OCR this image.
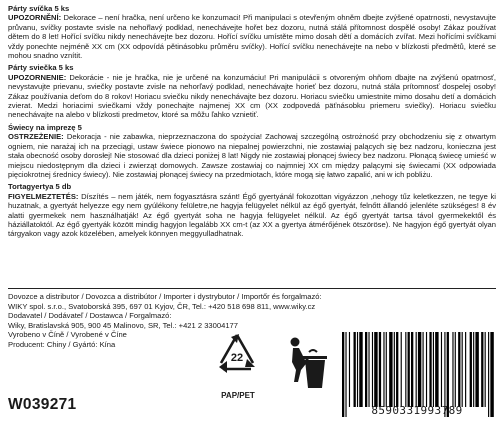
Párty svíčka 5 ks
UPOZORNĚNÍ: Dekorace – není hračka, není určeno ke konzumaci! Při manipulaci s otevřeným ohněm dbejte zvýšené opatrnosti, nevystavujte průvanu, svíčky postavte svisle na nehořlavý podklad, nenechávejte hořet bez dozoru, nutná stálá přítomnost dospělé osoby! Zákaz používat dětem do 8 let! Hořící svíčku nikdy nenechávejte bez dozoru. Hořící svíčku umístěte mimo dosah dětí a domácích zvířat. Mezi hořícími svíčkami vždy ponechte nejméně XX cm (XX odpovídá pětinásobku průměru svíčky). Hořící svíčku nenechávejte na nebo v blízkosti předmětů, které se mohou snadno vznítit.
Párty sviečka 5 ks
UPOZORNENIE: Dekorácie - nie je hračka, nie je určené na konzumáciu! Pri manipulácii s otvoreným ohňom dbajte na zvýšenú opatrnosť, nevystavujte prievanu, sviečky postavte zvisle na nehorľavý podklad, nenechávajte horieť bez dozoru, nutná stála prítomnosť dospelej osoby! Zákaz používania deťom do 8 rokov! Horiacu sviečku nikdy nenechávajte bez dozoru. Horiacu sviečku umiestnite mimo dosahu detí a domácich zvierat. Medzi horiacimi sviečkami vždy ponechajte najmenej XX cm (XX zodpovedá päťnásobku priemeru sviečky). Horiacu sviečku nenechávajte na alebo v blízkosti predmetov, ktoré sa môžu ľahko vznietiť.
Świecy na imprezę 5
OSTRZEŻENIE: Dekoracja - nie zabawka, nieprzeznaczona do spożycia! Zachowaj szczególną ostrożność przy obchodzeniu się z otwartym ogniem, nie narażaj ich na przeciągi, ustaw świece pionowo na niepalnej powierzchni, nie zostawiaj palących się bez nadzoru, konieczna jest stała obecność osoby dorosłej! Nie stosować dla dzieci poniżej 8 lat! Nigdy nie zostawiaj płonącej świecy bez nadzoru. Płonącą świecę umieść w miejscu niedostępnym dla dzieci i zwierząt domowych. Zawsze zostawiaj co najmniej XX cm między palącymi się świecami (XX odpowiada pięciokrotnej średnicy świecy). Nie zostawiaj płonącej świecy na przedmiotach, które mogą się łatwo zapalić, ani w ich pobliżu.
Tortagyertya 5 db
FIGYELMEZTETÉS: Díszítés – nem játék, nem fogyasztásra szánt! Égő gyertyánál fokozottan vigyázzon ,nehogy tűz keletkezzen, ne tegye ki huzatnak, a gyertyát helyezze egy nem gyúlékony felületre,ne hagyja felügyelet nélkül az égő gyertyát, felnőtt állandó jelenléte szükséges! 8 év alatti gyermekek nem használhatják! Az égő gyertyát soha ne hagyja felügyelet nélkül. Az égő gyertyát tartsa távol gyermekektől és háziállatoktól. Az égő gyertyák között mindig hagyjon legalább XX cm-t (az XX a gyertya átmérőjének ötszöröse). Ne hagyjon égő gyertyát olyan tárgyakon vagy azok közelében, amelyek könnyen meggyulladhatnak.
Dovozce a distributor / Dovozca a distribútor / Importer i dystrybutor / Importőr és forgalmazó:
WIKY spol. s.r.o., Svatoborská 395, 697 01 Kyjov, ČR, Tel.: +420 518 698 811, www.wiky.cz
Dodavatel / Dodávateľ / Dostawca / Forgalmazó:
Wiky, Bratislavská 905, 900 45 Malinovo, SR, Tel.: +421 2 33004177
Vyrobeno v Číně / Vyrobené v Číne
Producent: Chiny / Gyártó: Kína
W039271
22
PAP/PET
8590331993789
